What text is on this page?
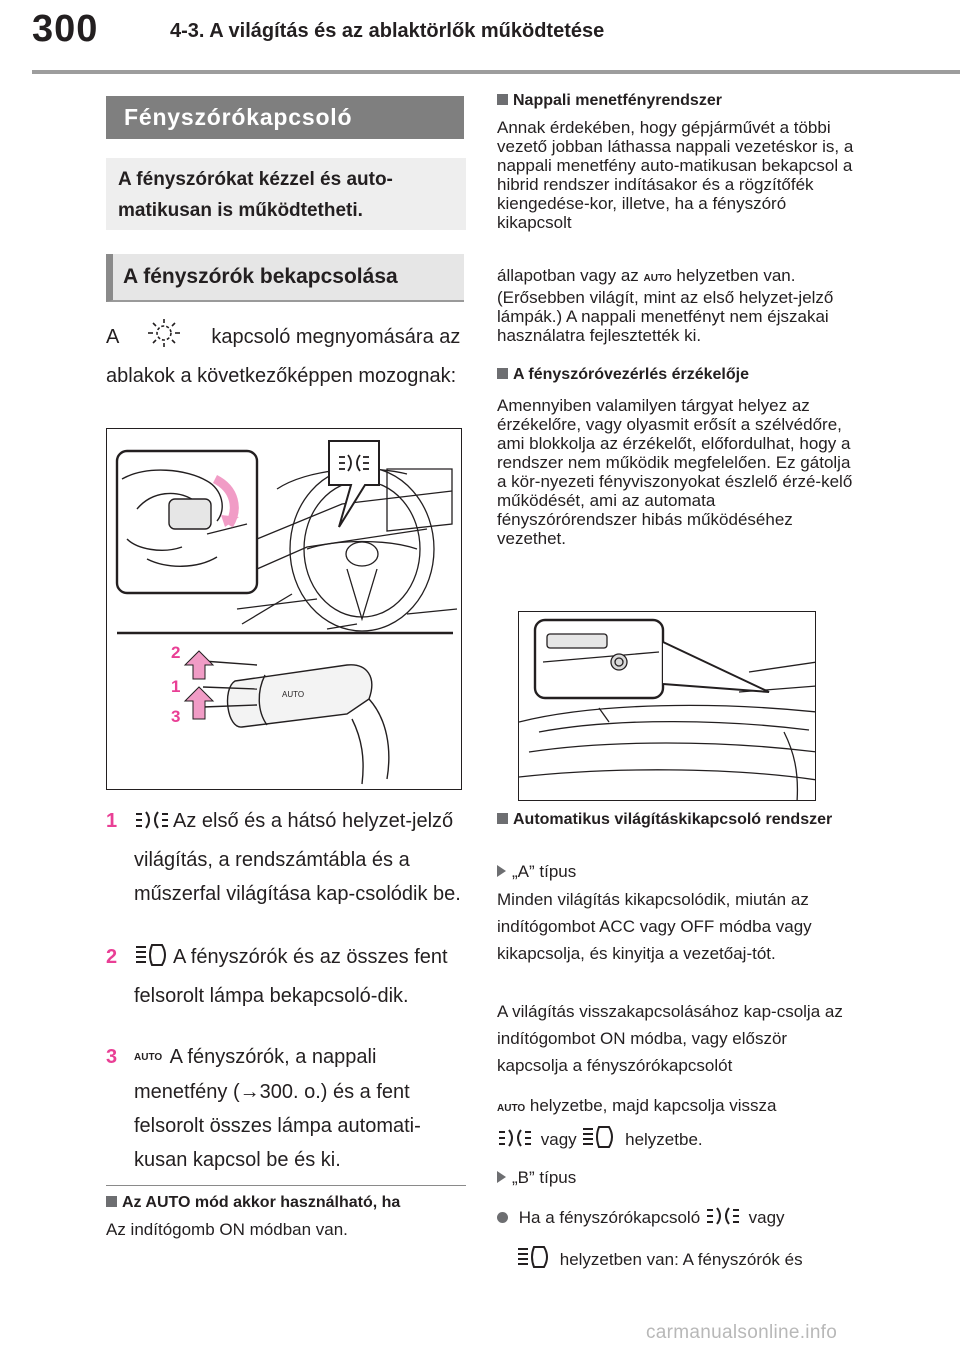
300	4-3. A világítás és az ablaktörlők működtetése
Fényszórókapcsoló
A fényszórókat kézzel és auto-matikusan is működtetheti.
A fényszórók bekapcsolása
A	kapcsoló megnyomására az ablakok a következőképpen mozognak:
AUTO
2
1
3
1	Az első és a hátsó helyzet-jelző világítás, a rendszámtábla és a műszerfal világítása kap-csolódik be.
2	A fényszórók és az összes fent felsorolt lámpa bekapcsoló-dik.
3 AUTO A fényszórók, a nappali menetfény (→300. o.) és a fent felsorolt összes lámpa automati-kusan kapcsol be és ki.
Az AUTO mód akkor használható, ha
Az indítógomb ON módban van.
Nappali menetfényrendszer
Annak érdekében, hogy gépjárművét a többi vezető jobban láthassa nappali vezetéskor is, a nappali menetfény auto-matikusan bekapcsol a hibrid rendszer indításakor és a rögzítőfék kiengedése-kor, illetve, ha a fényszóró kikapcsolt
állapotban vagy az AUTO helyzetben van. (Erősebben világít, mint az első helyzet-jelző lámpák.) A nappali menetfényt nem éjszakai használatra fejlesztették ki.
A fényszóróvezérlés érzékelője
Amennyiben valamilyen tárgyat helyez az érzékelőre, vagy olyasmit erősít a szélvédőre, ami blokkolja az érzékelőt, előfordulhat, hogy a rendszer nem működik megfelelően. Ez gátolja a kör-nyezeti fényviszonyokat észlelő érzé-kelő működését, ami az automata fényszórórendszer hibás működéséhez vezethet.
Automatikus világításkikapcsoló rendszer
„A” típus
Minden világítás kikapcsolódik, miután az indítógombot ACC vagy OFF módba vagy kikapcsolja, és kinyitja a vezetőaj-tót.
A világítás visszakapcsolásához kap-csolja az indítógombot ON módba, vagy először kapcsolja a fényszórókapcsolót
AUTO helyzetbe, majd kapcsolja vissza
vagy	helyzetbe.
„B” típus
Ha a fényszórókapcsoló	vagy
helyzetben van: A fényszórók és
carmanualsonline.info
